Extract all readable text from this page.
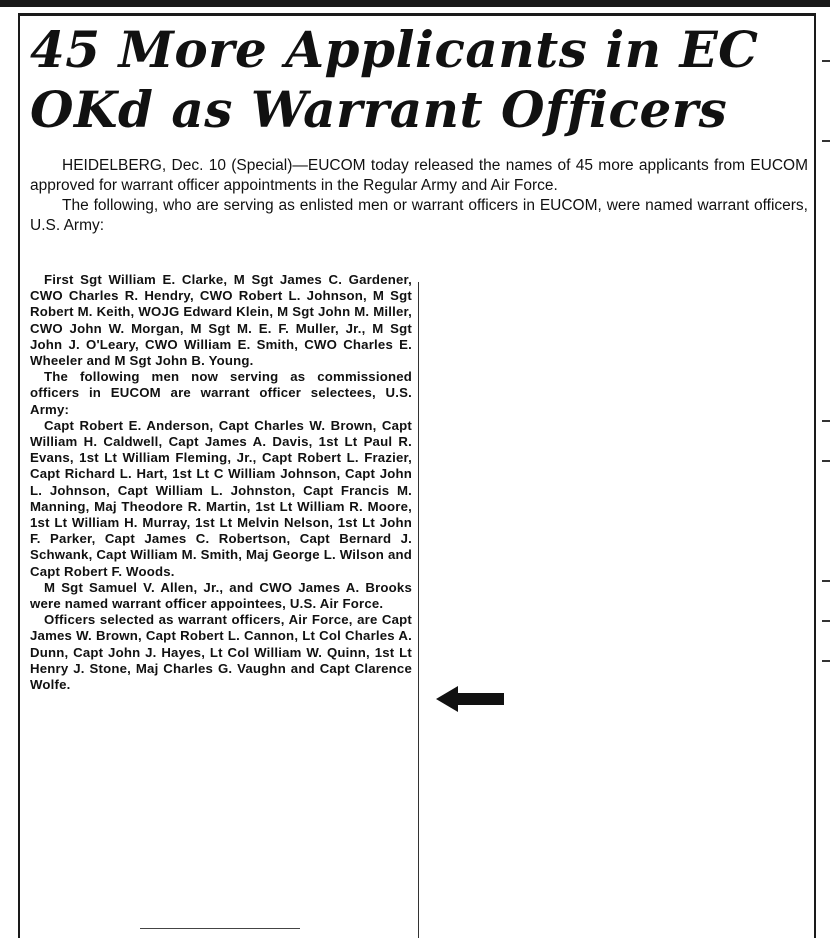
45 More Applicants in EC
OKd as Warrant Officers

HEIDELBERG, Dec. 10 (Special)—EUCOM today released the names of 45 more applicants from EUCOM approved for warrant officer appointments in the Regular Army and Air Force.

The following, who are serving as enlisted men or warrant officers in EUCOM, were named warrant officers, U.S. Army:

First Sgt William E. Clarke, M Sgt James C. Gardener, CWO Charles R. Hendry, CWO Robert L. Johnson, M Sgt Robert M. Keith, WOJG Edward Klein, M Sgt John M. Miller, CWO John W. Morgan, M Sgt M. E. F. Muller, Jr., M Sgt John J. O'Leary, CWO William E. Smith, CWO Charles E. Wheeler and M Sgt John B. Young.

The following men now serving as commissioned officers in EUCOM are warrant officer selectees, U.S. Army:

Capt Robert E. Anderson, Capt Charles W. Brown, Capt William H. Caldwell, Capt James A. Davis, 1st Lt Paul R. Evans, 1st Lt William Fleming, Jr., Capt Robert L. Frazier, Capt Richard L. Hart, 1st Lt C William Johnson, Capt John L. Johnson, Capt William L. Johnston, Capt Francis M. Manning, Maj Theodore R. Martin, 1st Lt William R. Moore, 1st Lt William H. Murray, 1st Lt Melvin Nelson, 1st Lt John F. Parker, Capt James C. Robertson, Capt Bernard J. Schwank, Capt William M. Smith, Maj George L. Wilson and Capt Robert F. Woods.

M Sgt Samuel V. Allen, Jr., and CWO James A. Brooks were named warrant officer appointees, U.S. Air Force.

Officers selected as warrant officers, Air Force, are Capt James W. Brown, Capt Robert L. Cannon, Lt Col Charles A. Dunn, Capt John J. Hayes, Lt Col William W. Quinn, 1st Lt Henry J. Stone, Maj Charles G. Vaughn and Capt Clarence Wolfe.
